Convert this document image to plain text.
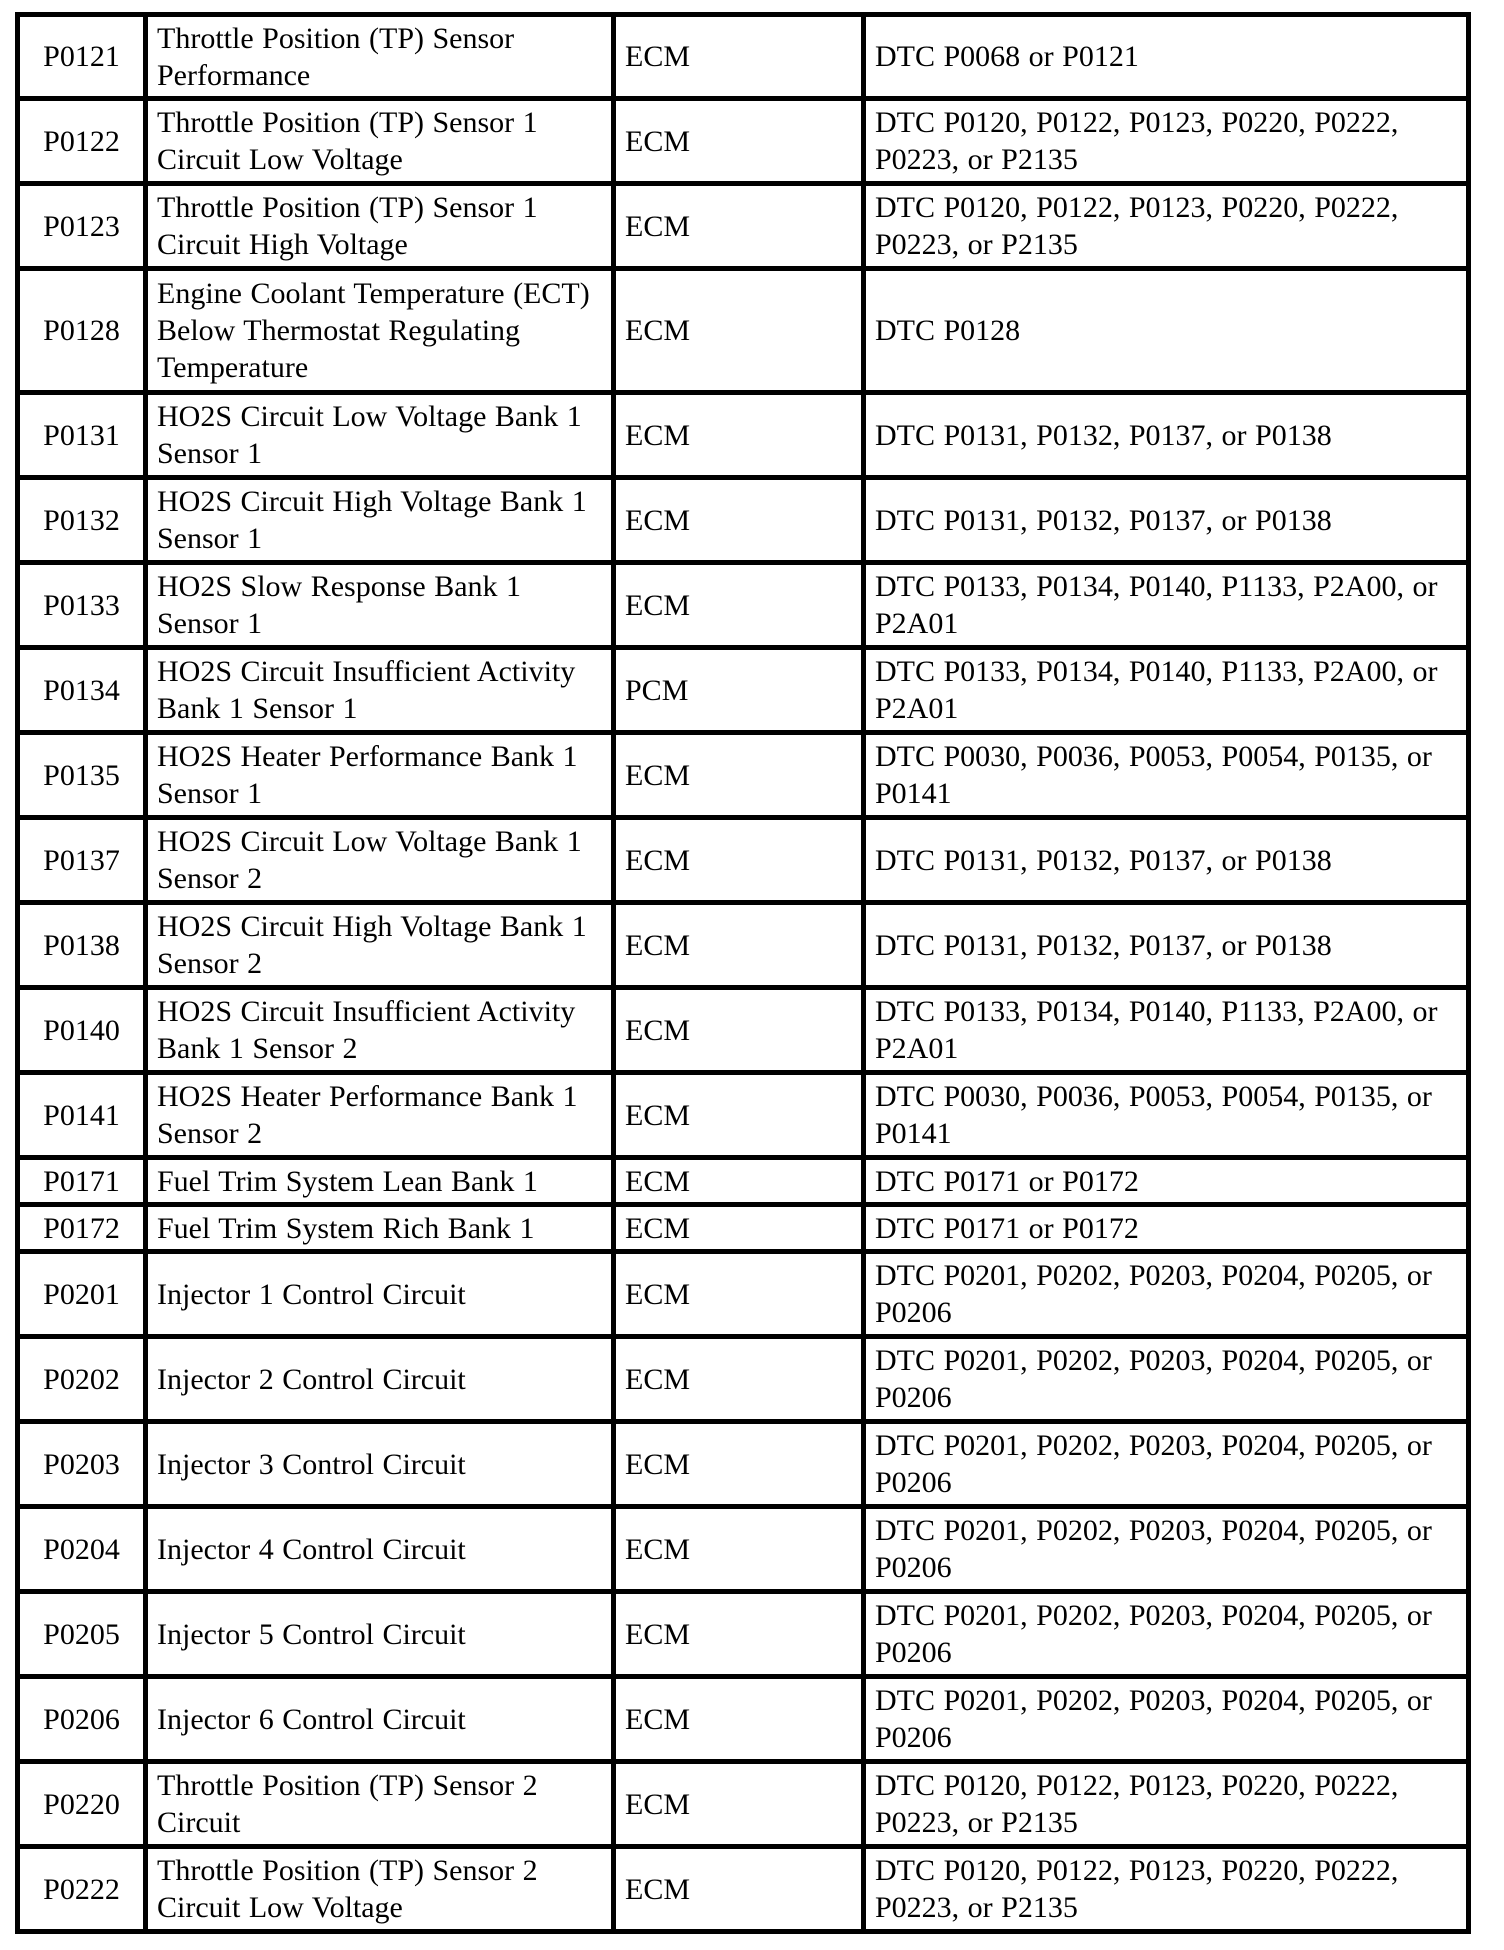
P0121	Throttle Position (TP) Sensor Performance	ECM	DTC P0068 or P0121
P0122	Throttle Position (TP) Sensor 1 Circuit Low Voltage	ECM	DTC P0120, P0122, P0123, P0220, P0222, P0223, or P2135
P0123	Throttle Position (TP) Sensor 1 Circuit High Voltage	ECM	DTC P0120, P0122, P0123, P0220, P0222, P0223, or P2135
P0128	Engine Coolant Temperature (ECT) Below Thermostat Regulating Temperature	ECM	DTC P0128
P0131	HO2S Circuit Low Voltage Bank 1 Sensor 1	ECM	DTC P0131, P0132, P0137, or P0138
P0132	HO2S Circuit High Voltage Bank 1 Sensor 1	ECM	DTC P0131, P0132, P0137, or P0138
P0133	HO2S Slow Response Bank 1 Sensor 1	ECM	DTC P0133, P0134, P0140, P1133, P2A00, or P2A01
P0134	HO2S Circuit Insufficient Activity Bank 1 Sensor 1	PCM	DTC P0133, P0134, P0140, P1133, P2A00, or P2A01
P0135	HO2S Heater Performance Bank 1 Sensor 1	ECM	DTC P0030, P0036, P0053, P0054, P0135, or P0141
P0137	HO2S Circuit Low Voltage Bank 1 Sensor 2	ECM	DTC P0131, P0132, P0137, or P0138
P0138	HO2S Circuit High Voltage Bank 1 Sensor 2	ECM	DTC P0131, P0132, P0137, or P0138
P0140	HO2S Circuit Insufficient Activity Bank 1 Sensor 2	ECM	DTC P0133, P0134, P0140, P1133, P2A00, or P2A01
P0141	HO2S Heater Performance Bank 1 Sensor 2	ECM	DTC P0030, P0036, P0053, P0054, P0135, or P0141
P0171	Fuel Trim System Lean Bank 1	ECM	DTC P0171 or P0172
P0172	Fuel Trim System Rich Bank 1	ECM	DTC P0171 or P0172
P0201	Injector 1 Control Circuit	ECM	DTC P0201, P0202, P0203, P0204, P0205, or P0206
P0202	Injector 2 Control Circuit	ECM	DTC P0201, P0202, P0203, P0204, P0205, or P0206
P0203	Injector 3 Control Circuit	ECM	DTC P0201, P0202, P0203, P0204, P0205, or P0206
P0204	Injector 4 Control Circuit	ECM	DTC P0201, P0202, P0203, P0204, P0205, or P0206
P0205	Injector 5 Control Circuit	ECM	DTC P0201, P0202, P0203, P0204, P0205, or P0206
P0206	Injector 6 Control Circuit	ECM	DTC P0201, P0202, P0203, P0204, P0205, or P0206
P0220	Throttle Position (TP) Sensor 2 Circuit	ECM	DTC P0120, P0122, P0123, P0220, P0222, P0223, or P2135
P0222	Throttle Position (TP) Sensor 2 Circuit Low Voltage	ECM	DTC P0120, P0122, P0123, P0220, P0222, P0223, or P2135
